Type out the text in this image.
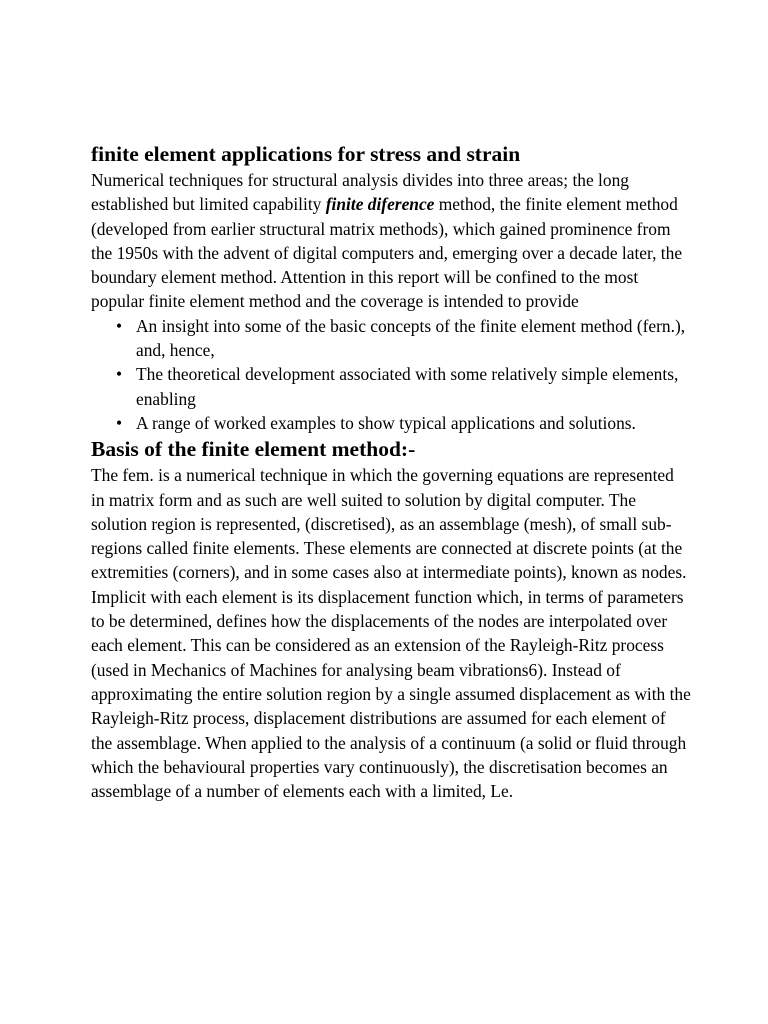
finite element applications for stress and strain

Numerical techniques for structural analysis divides into three areas; the long established but limited capability finite diference method, the finite element method (developed from earlier structural matrix methods), which gained prominence from the 1950s with the advent of digital computers and, emerging over a decade later, the boundary element method. Attention in this report will be confined to the most popular finite element method and the coverage is intended to provide

• An insight into some of the basic concepts of the finite element method (fern.), and, hence,
• The theoretical development associated with some relatively simple elements, enabling
• A range of worked examples to show typical applications and solutions.
Basis of the finite element method:-

The fem. is a numerical technique in which the governing equations are represented in matrix form and as such are well suited to solution by digital computer. The solution region is represented, (discretised), as an assemblage (mesh), of small sub-regions called finite elements. These elements are connected at discrete points (at the extremities (corners), and in some cases also at intermediate points), known as nodes. Implicit with each element is its displacement function which, in terms of parameters to be determined, defines how the displacements of the nodes are interpolated over each element. This can be considered as an extension of the Rayleigh-Ritz process (used in Mechanics of Machines for analysing beam vibrations6). Instead of approximating the entire solution region by a single assumed displacement as with the Rayleigh-Ritz process, displacement distributions are assumed for each element of the assemblage. When applied to the analysis of a continuum (a solid or fluid through which the behavioural properties vary continuously), the discretisation becomes an assemblage of a number of elements each with a limited, Le.
